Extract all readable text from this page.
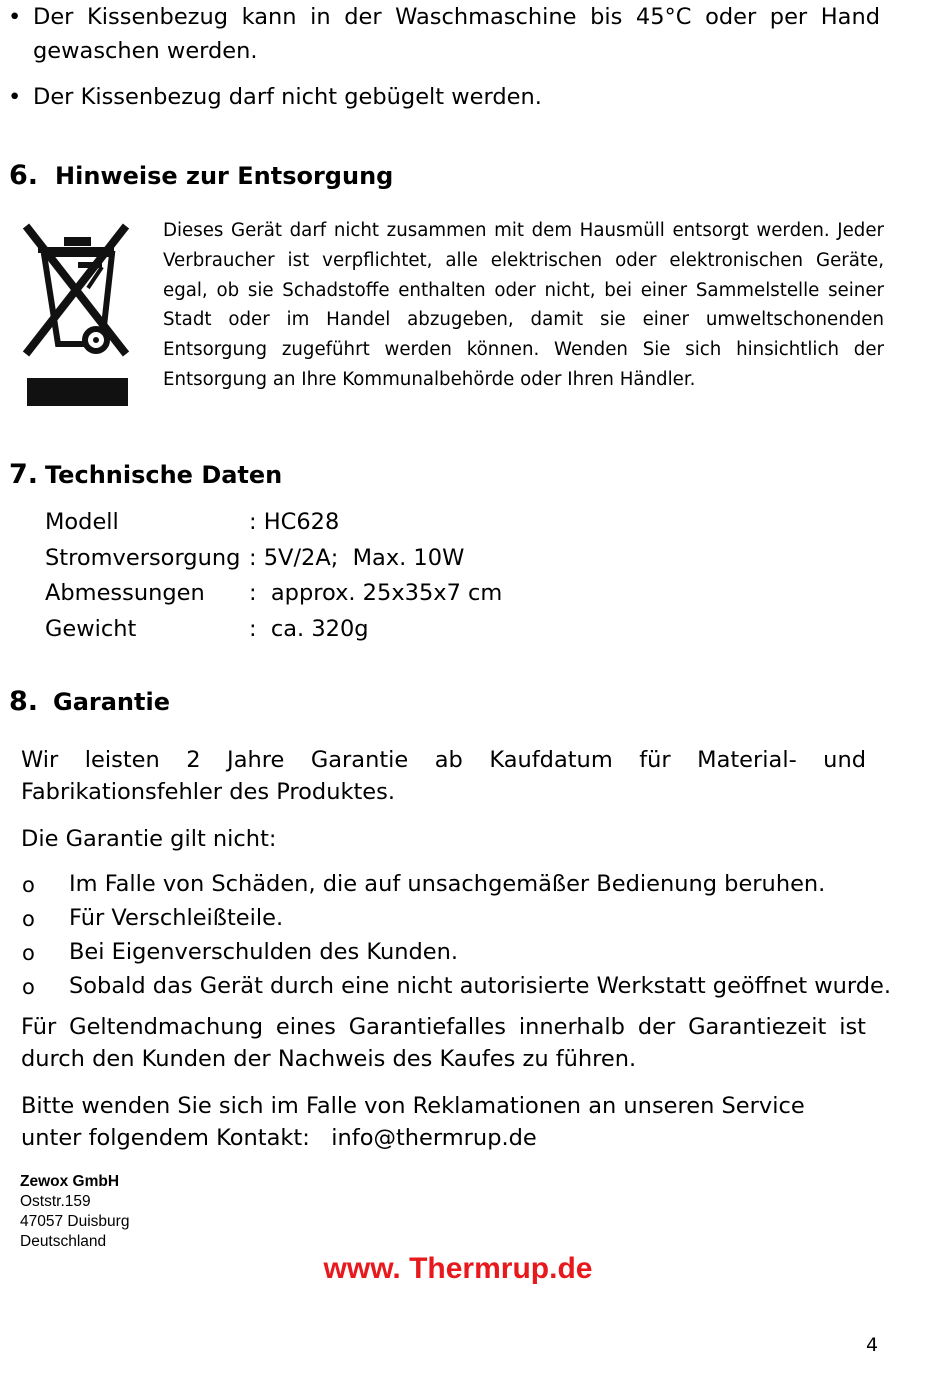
• Der Kissenbezug kann in der Waschmaschine bis 45°C oder per Hand gewaschen werden.
• Der Kissenbezug darf nicht gebügelt werden.
6. Hinweise zur Entsorgung
Dieses Gerät darf nicht zusammen mit dem Hausmüll entsorgt werden. Jeder Verbraucher ist verpflichtet, alle elektrischen oder elektronischen Geräte, egal, ob sie Schadstoffe enthalten oder nicht, bei einer Sammelstelle seiner Stadt oder im Handel abzugeben, damit sie einer umweltschonenden Entsorgung zugeführt werden können. Wenden Sie sich hinsichtlich der Entsorgung an Ihre Kommunalbehörde oder Ihren Händler.
7. Technische Daten
Modell	: HC628
Stromversorgung	: 5V/2A;  Max. 10W
Abmessungen	:  approx. 25x35x7 cm
Gewicht	:  ca. 320g
8. Garantie
Wir leisten 2 Jahre Garantie ab Kaufdatum für Material- und Fabrikationsfehler des Produktes.
Die Garantie gilt nicht:
o Im Falle von Schäden, die auf unsachgemäßer Bedienung beruhen.
o Für Verschleißteile.
o Bei Eigenverschulden des Kunden.
o Sobald das Gerät durch eine nicht autorisierte Werkstatt geöffnet wurde.
Für Geltendmachung eines Garantiefalles innerhalb der Garantiezeit ist durch den Kunden der Nachweis des Kaufes zu führen.
Bitte wenden Sie sich im Falle von Reklamationen an unseren Service unter folgendem Kontakt: info@thermrup.de
Zewox GmbH
Oststr.159
47057 Duisburg
Deutschland
www. Thermrup.de
4
